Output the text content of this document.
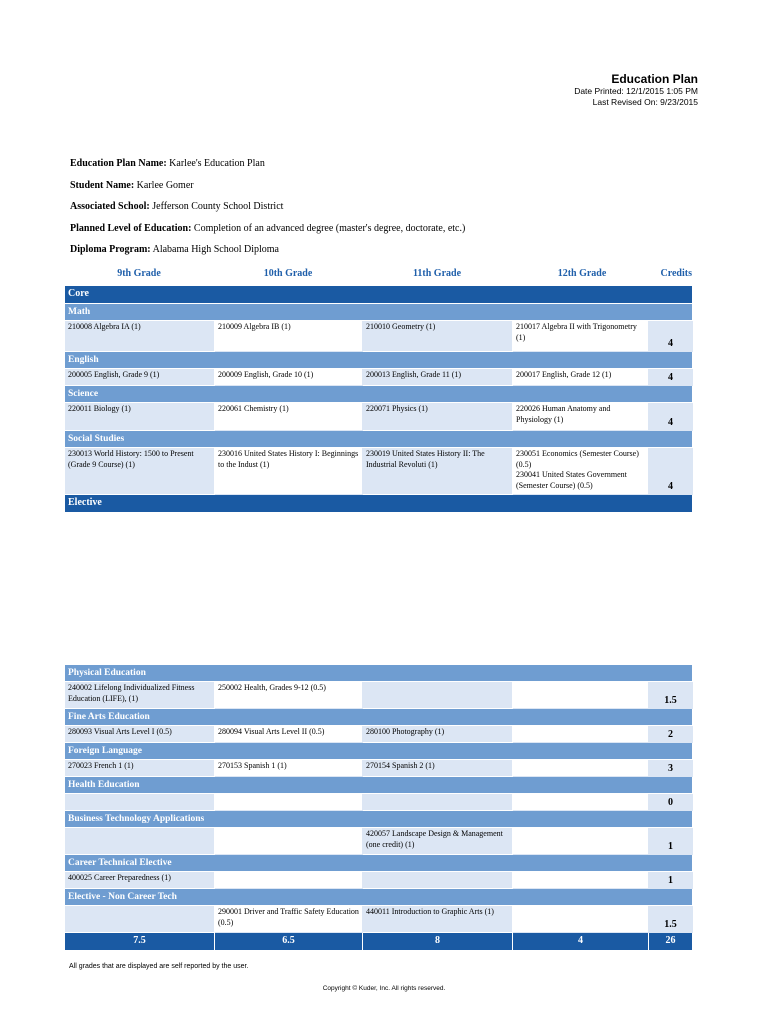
Education Plan
Date Printed: 12/1/2015 1:05 PM
Last Revised On: 9/23/2015
Education Plan Name: Karlee's Education Plan
Student Name: Karlee Gomer
Associated School: Jefferson County School District
Planned Level of Education: Completion of an advanced degree (master's degree, doctorate, etc.)
Diploma Program: Alabama High School Diploma
9th Grade	10th Grade	11th Grade	12th Grade	Credits
Core				
Math				
210008 Algebra IA (1)	210009 Algebra IB (1)	210010 Geometry (1)	210017 Algebra II with Trigonometry (1)	4
English				
200005 English, Grade 9 (1)	200009 English, Grade 10 (1)	200013 English, Grade 11 (1)	200017 English, Grade 12 (1)	4
Science				
220011 Biology (1)	220061 Chemistry (1)	220071 Physics (1)	220026 Human Anatomy and Physiology (1)	4
Social Studies				
230013 World History: 1500 to Present (Grade 9 Course) (1)	230016 United States History I: Beginnings to the Indust (1)	230019 United States History II: The Industrial Revoluti (1)	230051 Economics (Semester Course) (0.5)
230041 United States Government (Semester Course) (0.5)	4
Elective				
Physical Education				
240002 Lifelong Individualized Fitness Education (LIFE), (1)	250002 Health, Grades 9-12 (0.5)			1.5
Fine Arts Education				
280093 Visual Arts Level I (0.5)	280094 Visual Arts Level II (0.5)	280100 Photography (1)		2
Foreign Language				
270023 French 1 (1)	270153 Spanish 1 (1)	270154 Spanish 2 (1)		3
Health Education				
				0
Business Technology Applications				
		420057 Landscape Design & Management (one credit) (1)		1
Career Technical Elective				
400025 Career Preparedness (1)				1
Elective - Non Career Tech				
	290001 Driver and Traffic Safety Education (0.5)	440011 Introduction to Graphic Arts (1)		1.5
7.5	6.5	8	4	26
All grades that are displayed are self reported by the user.
Copyright © Kuder, Inc. All rights reserved.
